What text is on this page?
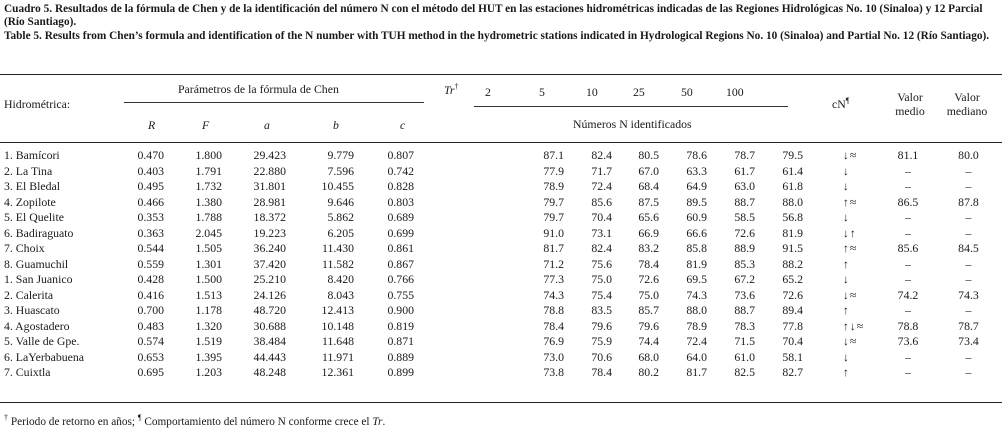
Cuadro 5. Resultados de la fórmula de Chen y de la identificación del número N con el método del HUT en las estaciones hidrométricas indicadas de las Regiones Hidrológicas No. 10 (Sinaloa) y 12 Parcial (Río Santiago).
Table 5. Results from Chen’s formula and identification of the N number with TUH method in the hydrometric stations indicated in Hydrological Regions No. 10 (Sinaloa) and Partial No. 12 (Río Santiago).
Hidrométrica:
Parámetros de la fórmula de Chen
R	F	a	b	c
Tr† 2	5	10	25	50	100
Números N identificados
cN¶	Valor
medio
Valor
mediano
1. Bamícori	0.470	1.800	29.423	9.779	0.807		87.1	82.4	80.5	78.6	78.7	79.5		↓≈	81.1	80.0
2. La Tina	0.403	1.791	22.880	7.596	0.742		77.9	71.7	67.0	63.3	61.7	61.4		↓	–	–
3. El Bledal	0.495	1.732	31.801	10.455	0.828		78.9	72.4	68.4	64.9	63.0	61.8		↓	–	–
4. Zopilote	0.466	1.380	28.981	9.646	0.803		79.7	85.6	87.5	89.5	88.7	88.0		↑≈	86.5	87.8
5. El Quelite	0.353	1.788	18.372	5.862	0.689		79.7	70.4	65.6	60.9	58.5	56.8		↓	–	–
6. Badiraguato	0.363	2.045	19.223	6.205	0.699		91.0	73.1	66.9	66.6	72.6	81.9		↓↑	–	–
7. Choix	0.544	1.505	36.240	11.430	0.861		81.7	82.4	83.2	85.8	88.9	91.5		↑≈	85.6	84.5
8. Guamuchil	0.559	1.301	37.420	11.582	0.867		71.2	75.6	78.4	81.9	85.3	88.2		↑	–	–
1. San Juanico	0.428	1.500	25.210	8.420	0.766		77.3	75.0	72.6	69.5	67.2	65.2		↓	–	–
2. Calerita	0.416	1.513	24.126	8.043	0.755		74.3	75.4	75.0	74.3	73.6	72.6		↓≈	74.2	74.3
3. Huascato	0.700	1.178	48.720	12.413	0.900		78.8	83.5	85.7	88.0	88.7	89.4		↑	–	–
4. Agostadero	0.483	1.320	30.688	10.148	0.819		78.4	79.6	79.6	78.9	78.3	77.8		↑↓≈	78.8	78.7
5. Valle de Gpe.	0.574	1.519	38.484	11.648	0.871		76.9	75.9	74.4	72.4	71.5	70.4		↓≈	73.6	73.4
6. LaYerbabuena	0.653	1.395	44.443	11.971	0.889		73.0	70.6	68.0	64.0	61.0	58.1		↓	–	–
7. Cuixtla	0.695	1.203	48.248	12.361	0.899		73.8	78.4	80.2	81.7	82.5	82.7		↑	–	–
† Periodo de retorno en años; ¶ Comportamiento del número N conforme crece el Tr.
